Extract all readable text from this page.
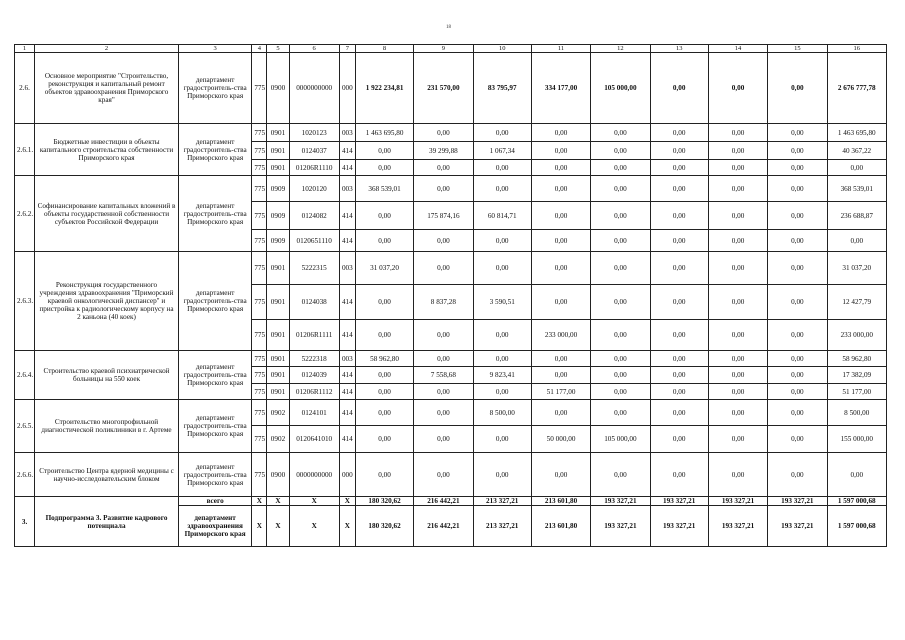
18
1	2	3	4	5	6	7	8	9	10	11	12	13	14	15	16
2.6.	Основное мероприятие "Строительство, реконструкция и капитальный ремонт объектов здравоохранения Приморского края"	департамент градостроитель-ства Приморского края	775	0900	0000000000	000	1 922 234,81	231 570,00	83 795,97	334 177,00	105 000,00	0,00	0,00	0,00	2 676 777,78
2.6.1.	Бюджетные инвестиции в объекты капитального строительства собственности Приморского края	департамент градостроитель-ства Приморского края	775	0901	1020123	003	1 463 695,80	0,00	0,00	0,00	0,00	0,00	0,00	0,00	1 463 695,80
			775	0901	0124037	414	0,00	39 299,88	1 067,34	0,00	0,00	0,00	0,00	0,00	40 367,22
			775	0901	01206R1110	414	0,00	0,00	0,00	0,00	0,00	0,00	0,00	0,00	0,00
2.6.2.	Софинансирование капитальных вложений в объекты государственной собственности субъектов Российской Федерации	департамент градостроитель-ства Приморского края	775	0909	1020120	003	368 539,01	0,00	0,00	0,00	0,00	0,00	0,00	0,00	368 539,01
			775	0909	0124082	414	0,00	175 874,16	60 814,71	0,00	0,00	0,00	0,00	0,00	236 688,87
			775	0909	0120651110	414	0,00	0,00	0,00	0,00	0,00	0,00	0,00	0,00	0,00
2.6.3.	Реконструкция государственного учреждения здравоохранения "Приморский краевой онкологический диспансер" и пристройка к радиологическому корпусу на 2 каньона (40 коек)	департамент градостроитель-ства Приморского края	775	0901	5222315	003	31 037,20	0,00	0,00	0,00	0,00	0,00	0,00	0,00	31 037,20
			775	0901	0124038	414	0,00	8 837,28	3 590,51	0,00	0,00	0,00	0,00	0,00	12 427,79
			775	0901	01206R1111	414	0,00	0,00	0,00	233 000,00	0,00	0,00	0,00	0,00	233 000,00
2.6.4.	Строительство краевой психиатрической больницы на 550 коек	департамент градостроитель-ства Приморского края	775	0901	5222318	003	58 962,80	0,00	0,00	0,00	0,00	0,00	0,00	0,00	58 962,80
			775	0901	0124039	414	0,00	7 558,68	9 823,41	0,00	0,00	0,00	0,00	0,00	17 382,09
			775	0901	01206R1112	414	0,00	0,00	0,00	51 177,00	0,00	0,00	0,00	0,00	51 177,00
2.6.5.	Строительство многопрофильной диагностической поликлиники в г. Артеме	департамент градостроитель-ства Приморского края	775	0902	0124101	414	0,00	0,00	8 500,00	0,00	0,00	0,00	0,00	0,00	8 500,00
			775	0902	0120641010	414	0,00	0,00	0,00	50 000,00	105 000,00	0,00	0,00	0,00	155 000,00
2.6.6.	Строительство Центра ядерной медицины с научно-исследовательским блоком	департамент градостроитель-ства Приморского края	775	0900	0000000000	000	0,00	0,00	0,00	0,00	0,00	0,00	0,00	0,00	0,00
3.	Подпрограмма 3. Развитие кадрового потенциала	всего	X	X	X	X	180 320,62	216 442,21	213 327,21	213 601,80	193 327,21	193 327,21	193 327,21	193 327,21	1 597 000,68
		департамент здравоохранения Приморского края	X	X	X	X	180 320,62	216 442,21	213 327,21	213 601,80	193 327,21	193 327,21	193 327,21	193 327,21	1 597 000,68
